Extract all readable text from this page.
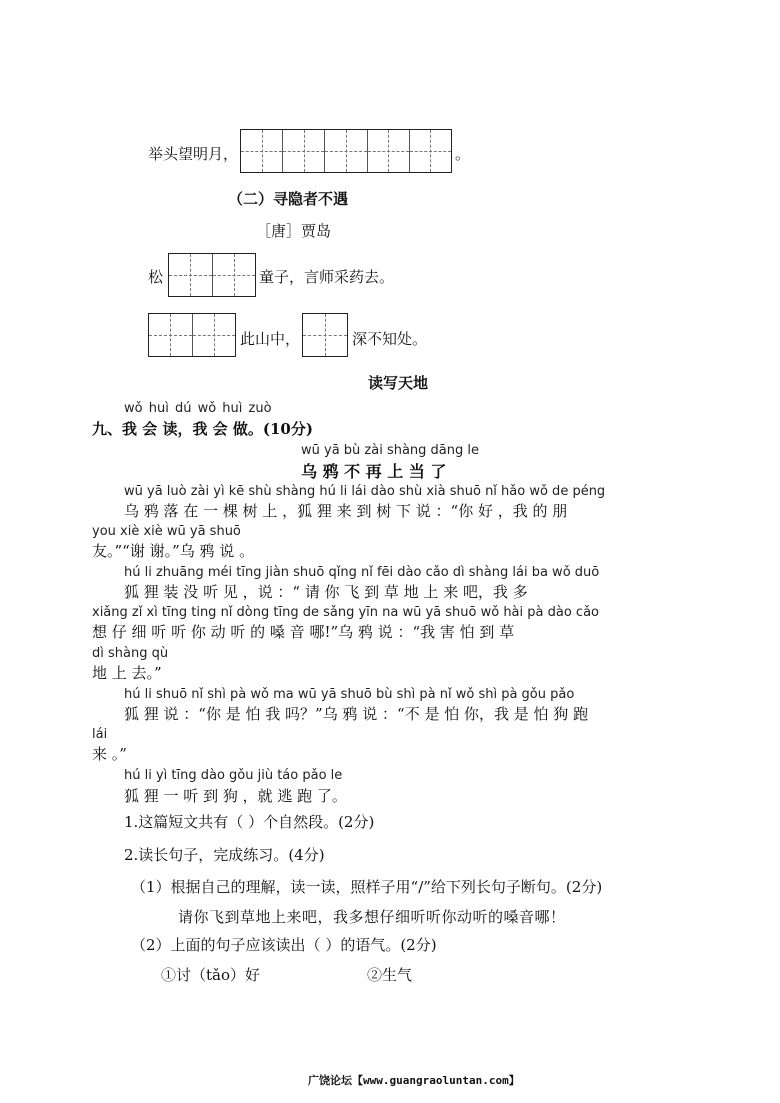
举头望明月，	。
（二）寻隐者不遇
［唐］贾岛
松	童子，言师采药去。
此山中，	深不知处。
读写天地
wǒ huì dú wǒ huì zuò
九、我 会 读，我 会 做。(10分)
wū yā bù zài shàng dāng le
乌 鸦 不 再 上 当 了
wū yā luò zài yì kē shù shàng hú li lái dào shù xià shuō nǐ hǎo wǒ de péng
乌 鸦 落 在 一 棵 树 上 ，狐 狸 来 到 树 下 说 ：“你 好 ，我 的 朋
you xiè xiè wū yā shuō
友。”“谢 谢。”乌 鸦 说 。
hú li zhuāng méi tīng jiàn shuō qǐng nǐ fēi dào cǎo dì shàng lái ba wǒ duō
狐 狸 装 没 听 见 ，说 ：“ 请 你 飞 到 草 地 上 来 吧，我 多
xiǎng zǐ xì tīng ting nǐ dòng tīng de sǎng yīn na wū yā shuō wǒ hài pà dào cǎo
想 仔 细 听 听 你 动 听 的 嗓 音 哪!”乌 鸦 说 ：“我 害 怕 到 草
dì shàng qù
地 上 去。”
hú li shuō nǐ shì pà wǒ ma wū yā shuō bù shì pà nǐ wǒ shì pà gǒu pǎo
狐 狸 说 ：“你 是 怕 我 吗？”乌 鸦 说 ：“不 是 怕 你，我 是 怕 狗 跑
lái
来 。”
hú li yì tīng dào gǒu jiù táo pǎo le
狐 狸 一 听 到 狗 ，就 逃 跑 了。
1.这篇短文共有（ ）个自然段。(2分)
2.读长句子，完成练习。(4分)
（1）根据自己的理解，读一读，照样子用“/”给下列长句子断句。(2分)
请你飞到草地上来吧，我多想仔细听听你动听的嗓音哪！
（2）上面的句子应该读出（ ）的语气。(2分)
①讨（tǎo）好	②生气
广饶论坛【www.guangraoluntan.com】
